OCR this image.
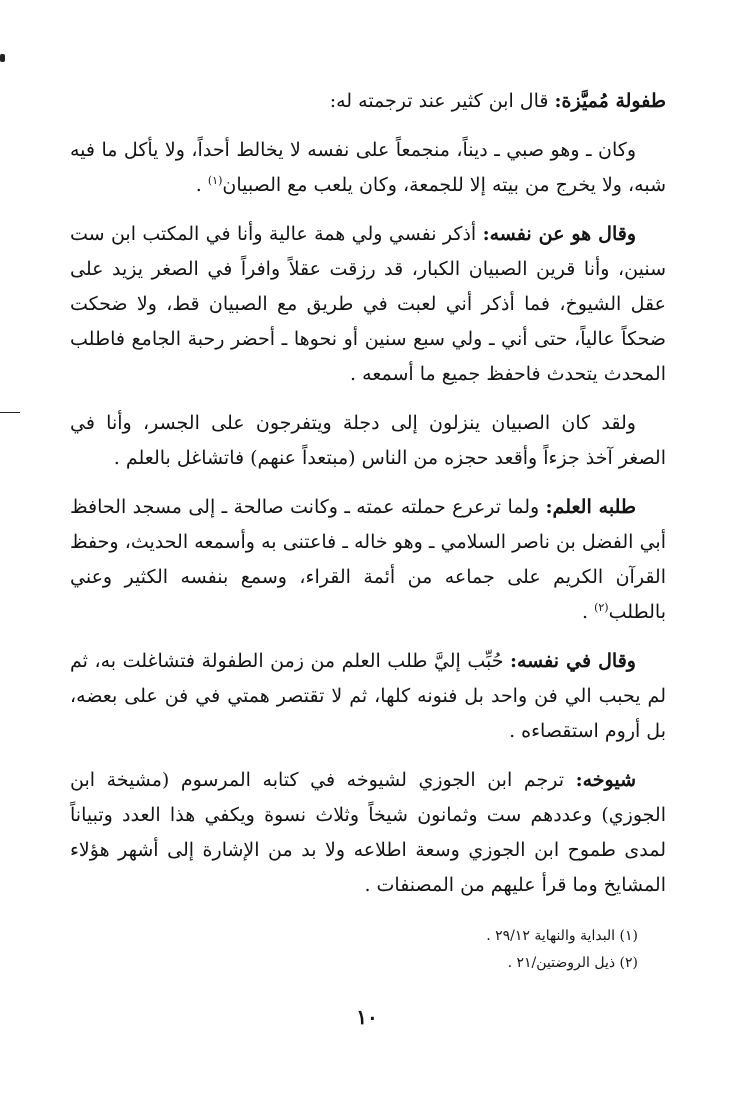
طفولة مُميَّزة: قال ابن كثير عند ترجمته له:

وكان ـ وهو صبي ـ ديناً، منجمعاً على نفسه لا يخالط أحداً، ولا يأكل ما فيه شبه، ولا يخرج من بيته إلا للجمعة، وكان يلعب مع الصبيان$^{(١)}$ .

وقال هو عن نفسه: أذكر نفسي ولي همة عالية وأنا في المكتب ابن ست سنين، وأنا قرين الصبيان الكبار، قد رزقت عقلاً وافراً في الصغر يزيد على عقل الشيوخ، فما أذكر أني لعبت في طريق مع الصبيان قط، ولا ضحكت ضحكاً عالياً، حتى أني ـ ولي سبع سنين أو نحوها ـ أحضر رحبة الجامع فاطلب المحدث يتحدث فاحفظ جميع ما أسمعه .

ولقد كان الصبيان ينزلون إلى دجلة ويتفرجون على الجسر، وأنا في الصغر آخذ جزءاً وأقعد حجزه من الناس (مبتعداً عنهم) فاتشاغل بالعلم .

طلبه العلم: ولما ترعرع حملته عمته ـ وكانت صالحة ـ إلى مسجد الحافظ أبي الفضل بن ناصر السلامي ـ وهو خاله ـ فاعتنى به وأسمعه الحديث، وحفظ القرآن الكريم على جماعه من أئمة القراء، وسمع بنفسه الكثير وعني بالطلب$^{(٢)}$ .

وقال في نفسه: حُبِّب إليَّ طلب العلم من زمن الطفولة فتشاغلت به، ثم لم يحبب الي فن واحد بل فنونه كلها، ثم لا تقتصر همتي في فن على بعضه، بل أروم استقصاءه .

شيوخه: ترجم ابن الجوزي لشيوخه في كتابه المرسوم (مشيخة ابن الجوزي) وعددهم ست وثمانون شيخاً وثلاث نسوة ويكفي هذا العدد وتبياناً لمدى طموح ابن الجوزي وسعة اطلاعه ولا بد من الإشارة إلى أشهر هؤلاء المشايخ وما قرأ عليهم من المصنفات .

(١) البداية والنهاية ٢٩/١٢ .
(٢) ذيل الروضتين/٢١ .
١٠
